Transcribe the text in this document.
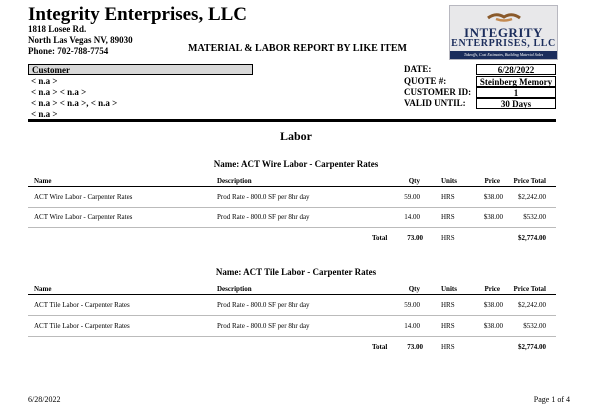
Integrity Enterprises, LLC
1818 Losee Rd.
North Las Vegas NV, 89030
Phone: 702-788-7754	MATERIAL & LABOR REPORT BY LIKE ITEM
INTEGRITY
ENTERPRISES, LLC
Takeoffs, Cost Estimates, Building Material Sales
Customer
< n.a >
< n.a > < n.a >
< n.a > < n.a >, < n.a >
< n.a >
DATE:	6/28/2022
QUOTE #:	Steinberg Memory
CUSTOMER ID:	1
VALID UNTIL:	30 Days
Labor
Name: ACT Wire Labor - Carpenter Rates
Name	Description	Qty	Units	Price	Price Total
ACT Wire Labor - Carpenter Rates	Prod Rate - 800.0 SF per 8hr day	59.00	HRS	$38.00	$2,242.00
ACT Wire Labor - Carpenter Rates	Prod Rate - 800.0 SF per 8hr day	14.00	HRS	$38.00	$532.00
Total	73.00	HRS	$2,774.00
Name: ACT Tile Labor - Carpenter Rates
Name	Description	Qty	Units	Price	Price Total
ACT Tile Labor - Carpenter Rates	Prod Rate - 800.0 SF per 8hr day	59.00	HRS	$38.00	$2,242.00
ACT Tile Labor - Carpenter Rates	Prod Rate - 800.0 SF per 8hr day	14.00	HRS	$38.00	$532.00
Total	73.00	HRS	$2,774.00
6/28/2022	Page 1 of 4
